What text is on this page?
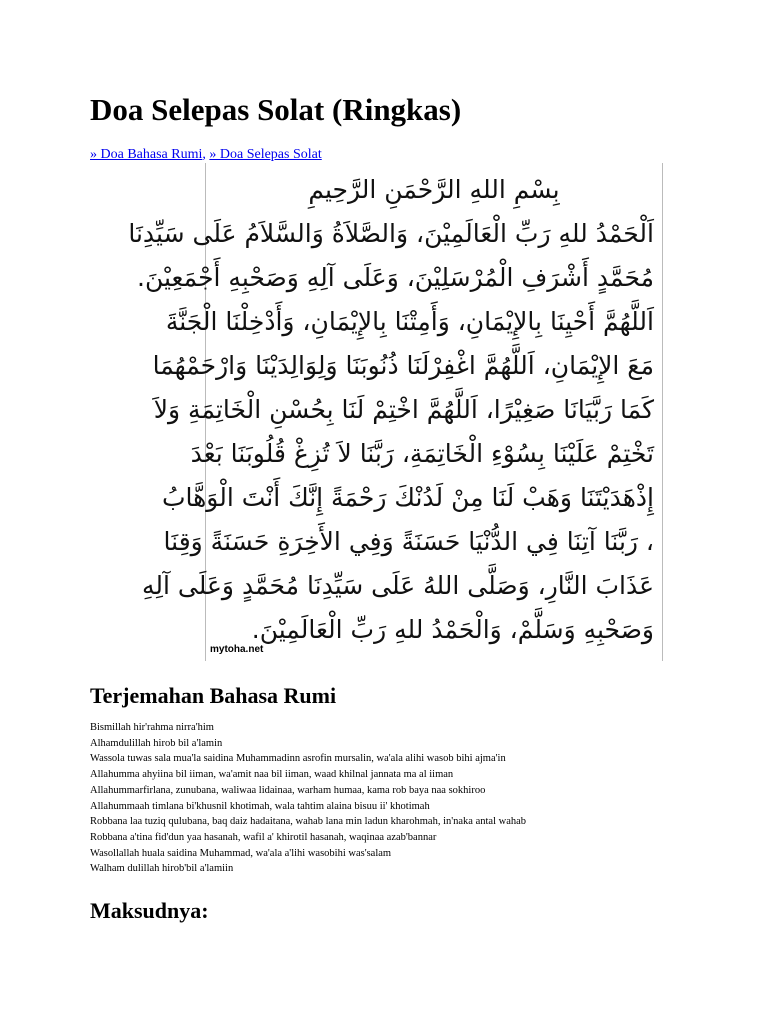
Doa Selepas Solat (Ringkas)
» Doa Bahasa Rumi, » Doa Selepas Solat
بِسْمِ اللهِ الرَّحْمَنِ الرَّحِيمِ
اَلْحَمْدُ للهِ رَبِّ الْعَالَمِيْنَ، وَالصَّلاَةُ وَالسَّلاَمُ عَلَى سَيِّدِنَا
مُحَمَّدٍ أَشْرَفِ الْمُرْسَلِيْنَ، وَعَلَى آلِهِ وَصَحْبِهِ أَجْمَعِيْنَ.
اَللَّهُمَّ أَحْيِنَا بِالإِيْمَانِ، وَأَمِتْنَا بِالإِيْمَانِ، وَأَدْخِلْنَا الْجَنَّةَ
مَعَ الإِيْمَانِ، اَللَّهُمَّ اغْفِرْلَنَا ذُنُوبَنَا وَلِوَالِدَيْنَا وَارْحَمْهُمَا
كَمَا رَبَّيَانَا صَغِيْرًا، اَللَّهُمَّ اخْتِمْ لَنَا بِحُسْنِ الْخَاتِمَةِ وَلاَ
تَخْتِمْ عَلَيْنَا بِسُوْءِ الْخَاتِمَةِ، رَبَّنَا لاَ تُزِغْ قُلُوبَنَا بَعْدَ
إِذْهَدَيْتَنَا وَهَبْ لَنَا مِنْ لَدُنْكَ رَحْمَةً إِنَّكَ أَنْتَ الْوَهَّابُ
، رَبَّنَا آتِنَا فِي الدُّنْيَا حَسَنَةً وَفِي الأَخِرَةِ حَسَنَةً وَقِنَا
عَذَابَ النَّارِ، وَصَلَّى اللهُ عَلَى سَيِّدِنَا مُحَمَّدٍ وَعَلَى آلِهِ
وَصَحْبِهِ وَسَلَّمْ، وَالْحَمْدُ للهِ رَبِّ الْعَالَمِيْنَ.
mytoha.net
Terjemahan Bahasa Rumi
Bismillah hir'rahma nirra'him
Alhamdulillah hirob bil a'lamin
Wassola tuwas sala mua'la saidina Muhammadinn asrofin mursalin, wa'ala alihi wasob bihi ajma'in
Allahumma ahyiina bil iiman, wa'amit naa bil iiman, waad khilnal jannata ma al iiman
Allahummarfirlana, zunubana, waliwaa lidainaa, warham humaa, kama rob baya naa sokhiroo
Allahummaah timlana bi'khusnil khotimah, wala tahtim alaina bisuu ii' khotimah
Robbana laa tuziq qulubana, baq daiz hadaitana, wahab lana min ladun kharohmah, in'naka antal wahab
Robbana a'tina fid'dun yaa hasanah, wafil a' khirotil hasanah, waqinaa azab'bannar
Wasollallah huala saidina Muhammad, wa'ala a'lihi wasobihi was'salam
Walham dulillah hirob'bil a'lamiin
Maksudnya:
